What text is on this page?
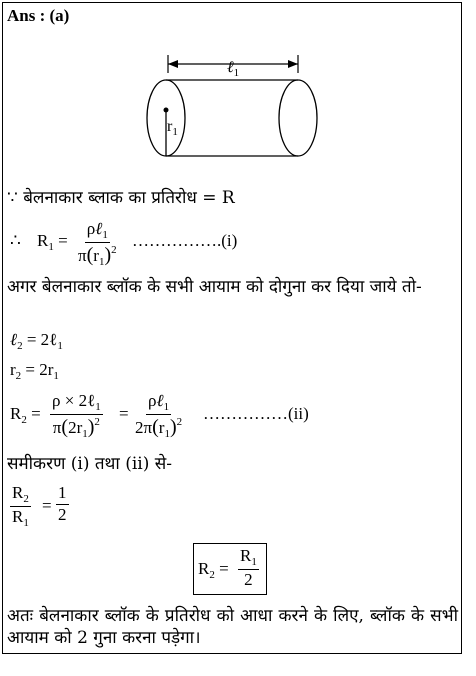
Ans : (a)
ℓ$_1$
$r_1$
∵ बेलनाकार ब्लाक का प्रतिरोध = R
∴ $R_1$ =
ρℓ$_1$
$\pi(r_1)^2$
…………….(i)
अगर बेलनाकार ब्लॉक के सभी आयाम को दोगुना कर दिया जाये तो-
ℓ$_2$ = 2ℓ$_1$
$r_2 = 2r_1$
$R_2$ =
ρ × 2ℓ$_1$
$\pi(2r_1)^2$ =
ρℓ$_1$
$2\pi(r_1)^2$ ……………(ii)
समीकरण (i) तथा (ii) से-
$\frac{R_2}{R_1} = \frac{1}{2}$
$R_2 = \frac{R_1}{2}$
अतः बेलनाकार ब्लॉक के प्रतिरोध को आधा करने के लिए, ब्लॉक के सभी आयाम को 2 गुना करना पड़ेगा।
